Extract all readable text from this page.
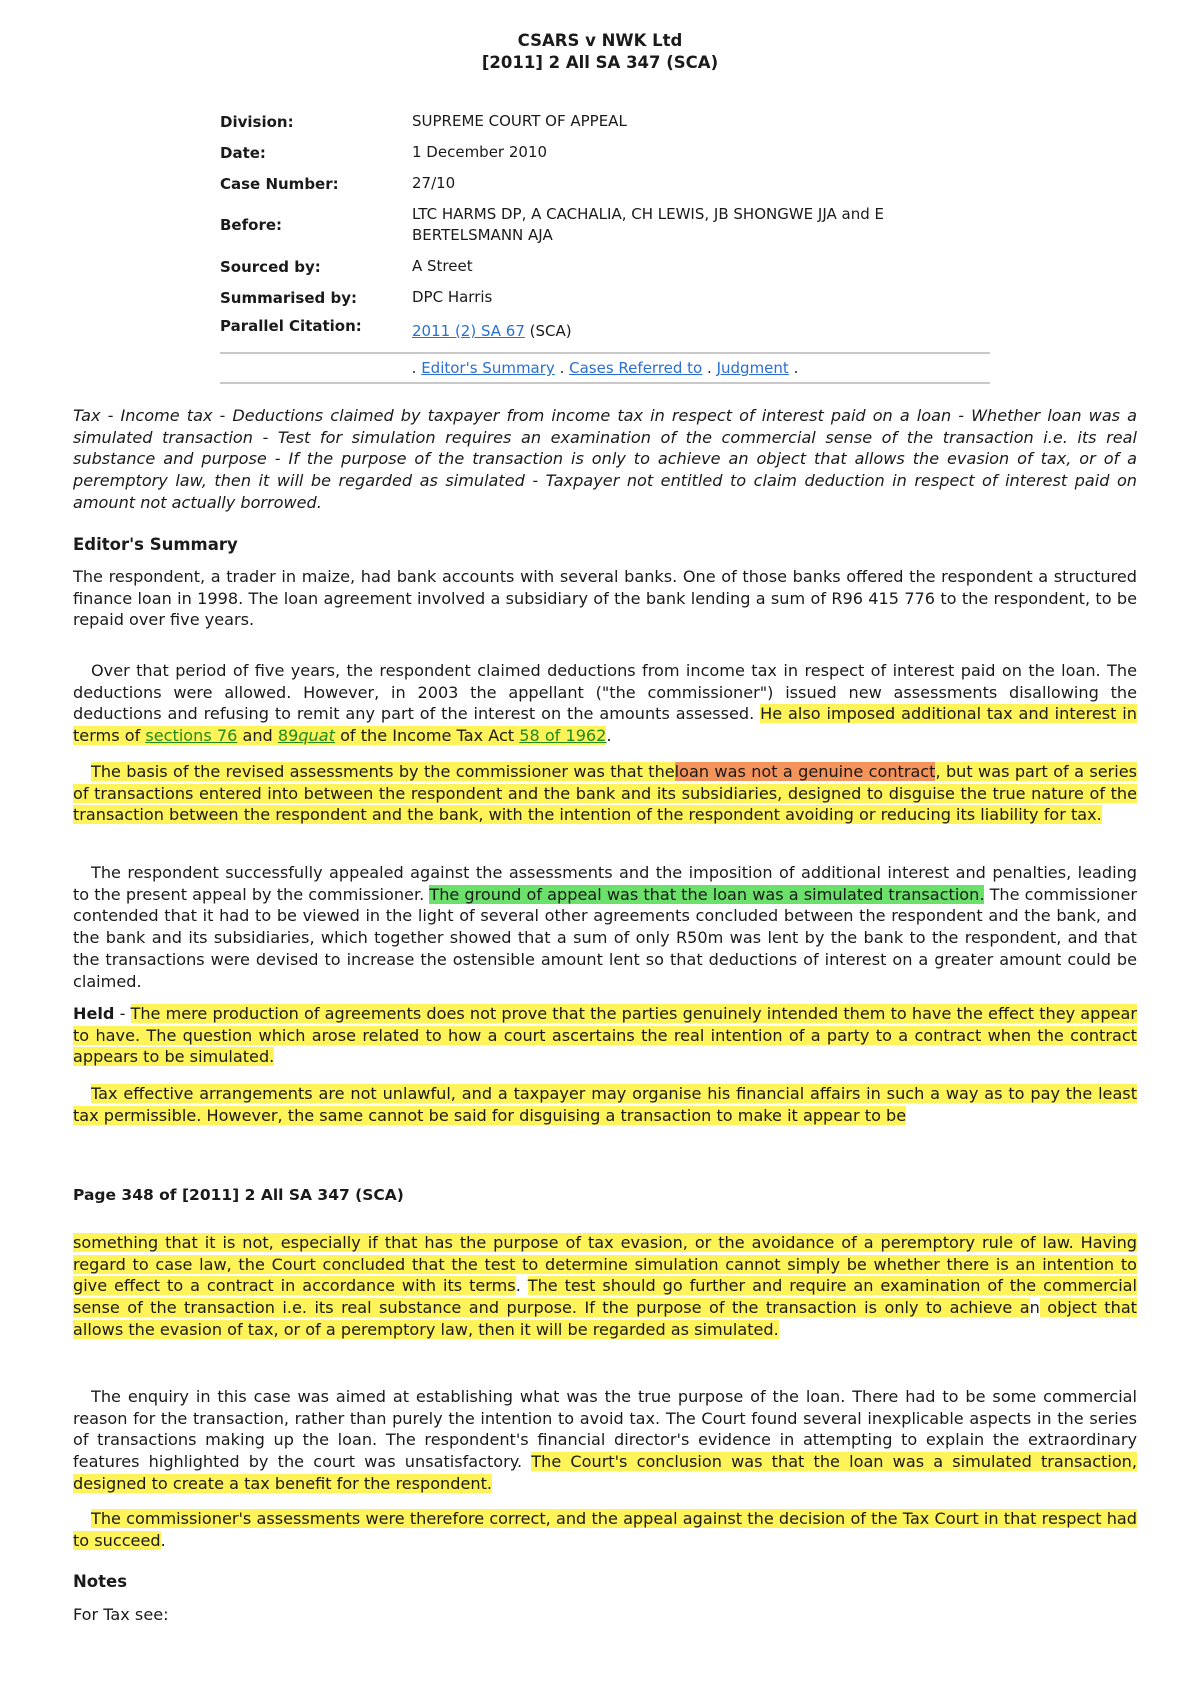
CSARS v NWK Ltd
[2011] 2 All SA 347 (SCA)
Division:	SUPREME COURT OF APPEAL
Date:	1 December 2010
Case Number:	27/10
Before:
LTC HARMS DP, A CACHALIA, CH LEWIS, JB SHONGWE JJA and E BERTELSMANN AJA
Sourced by:	A Street
Summarised by:	DPC Harris
Parallel Citation:	2011 (2) SA 67 (SCA)
. Editor's Summary . Cases Referred to . Judgment .

Tax - Income tax - Deductions claimed by taxpayer from income tax in respect of interest paid on a loan - Whether loan was a simulated transaction - Test for simulation requires an examination of the commercial sense of the transaction i.e. its real substance and purpose - If the purpose of the transaction is only to achieve an object that allows the evasion of tax, or of a peremptory law, then it will be regarded as simulated - Taxpayer not entitled to claim deduction in respect of interest paid on amount not actually borrowed.

Editor's Summary

The respondent, a trader in maize, had bank accounts with several banks. One of those banks offered the respondent a structured finance loan in 1998. The loan agreement involved a subsidiary of the bank lending a sum of R96 415 776 to the respondent, to be repaid over five years.

Over that period of five years, the respondent claimed deductions from income tax in respect of interest paid on the loan. The deductions were allowed. However, in 2003 the appellant ("the commissioner") issued new assessments disallowing the deductions and refusing to remit any part of the interest on the amounts assessed. He also imposed additional tax and interest in terms of sections 76 and 89quat of the Income Tax Act 58 of 1962.

The basis of the revised assessments by the commissioner was that theloan was not a genuine contract, but was part of a series of transactions entered into between the respondent and the bank and its subsidiaries, designed to disguise the true nature of the transaction between the respondent and the bank, with the intention of the respondent avoiding or reducing its liability for tax.

The respondent successfully appealed against the assessments and the imposition of additional interest and penalties, leading to the present appeal by the commissioner. The ground of appeal was that the loan was a simulated transaction. The commissioner contended that it had to be viewed in the light of several other agreements concluded between the respondent and the bank, and the bank and its subsidiaries, which together showed that a sum of only R50m was lent by the bank to the respondent, and that the transactions were devised to increase the ostensible amount lent so that deductions of interest on a greater amount could be claimed.

Held - The mere production of agreements does not prove that the parties genuinely intended them to have the effect they appear to have. The question which arose related to how a court ascertains the real intention of a party to a contract when the contract appears to be simulated.

Tax effective arrangements are not unlawful, and a taxpayer may organise his financial affairs in such a way as to pay the least tax permissible. However, the same cannot be said for disguising a transaction to make it appear to be

Page 348 of [2011] 2 All SA 347 (SCA)

something that it is not, especially if that has the purpose of tax evasion, or the avoidance of a peremptory rule of law. Having regard to case law, the Court concluded that the test to determine simulation cannot simply be whether there is an intention to give effect to a contract in accordance with its terms. The test should go further and require an examination of the commercial sense of the transaction i.e. its real substance and purpose. If the purpose of the transaction is only to achieve an object that allows the evasion of tax, or of a peremptory law, then it will be regarded as simulated.

The enquiry in this case was aimed at establishing what was the true purpose of the loan. There had to be some commercial reason for the transaction, rather than purely the intention to avoid tax. The Court found several inexplicable aspects in the series of transactions making up the loan. The respondent's financial director's evidence in attempting to explain the extraordinary features highlighted by the court was unsatisfactory. The Court's conclusion was that the loan was a simulated transaction, designed to create a tax benefit for the respondent.

The commissioner's assessments were therefore correct, and the appeal against the decision of the Tax Court in that respect had to succeed.

Notes
For Tax see:
